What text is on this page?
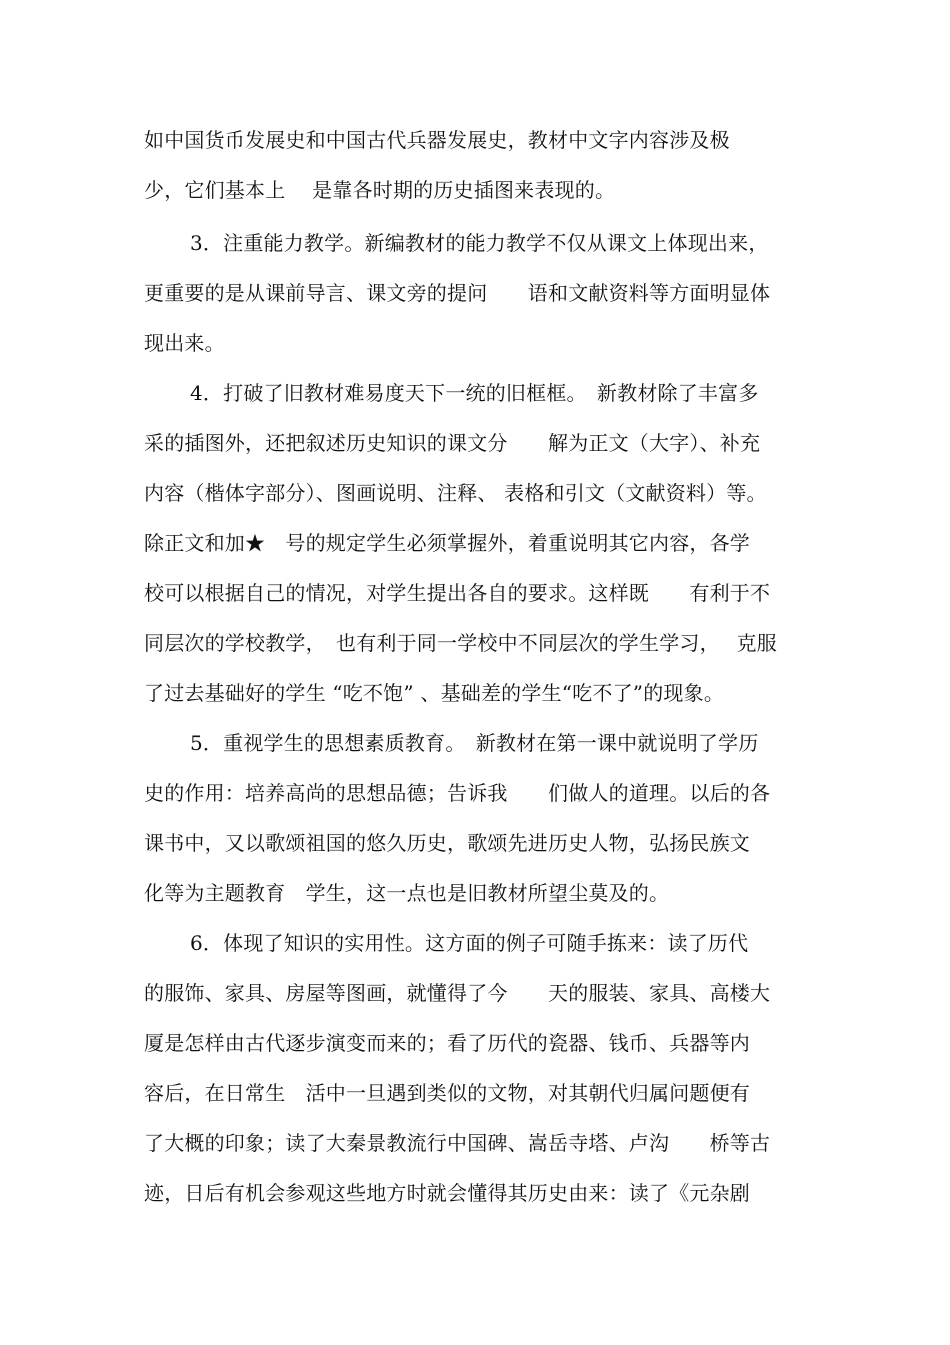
如中国货币发展史和中国古代兵器发展史，教材中文字内容涉及极
少，它们基本上　 是靠各时期的历史插图来表现的。
3．注重能力教学。新编教材的能力教学不仅从课文上体现出来，
更重要的是从课前导言、课文旁的提问　　语和文献资料等方面明显体
现出来。
4．打破了旧教材难易度天下一统的旧框框。　新教材除了丰富多
采的插图外，还把叙述历史知识的课文分　　解为正文（大字）、补充
内容（楷体字部分）、图画说明、注释、 表格和引文（文献资料）等。
除正文和加★　号的规定学生必须掌握外，着重说明其它内容，各学
校可以根据自己的情况，对学生提出各自的要求。这样既　　有利于不
同层次的学校教学，　也有利于同一学校中不同层次的学生学习，　 克服
了过去基础好的学生 “吃不饱” 、基础差的学生“吃不了”的现象。
5．重视学生的思想素质教育。　新教材在第一课中就说明了学历
史的作用：培养高尚的思想品德；告诉我　　们做人的道理。以后的各
课书中，又以歌颂祖国的悠久历史，歌颂先进历史人物，弘扬民族文
化等为主题教育　学生，这一点也是旧教材所望尘莫及的。
6．体现了知识的实用性。这方面的例子可随手拣来：读了历代
的服饰、家具、房屋等图画，就懂得了今　　天的服装、家具、高楼大
厦是怎样由古代逐步演变而来的；看了历代的瓷器、钱币、兵器等内
容后，在日常生　活中一旦遇到类似的文物，对其朝代归属问题便有
了大概的印象；读了大秦景教流行中国碑、嵩岳寺塔、卢沟　　桥等古
迹，日后有机会参观这些地方时就会懂得其历史由来：读了《元杂剧
